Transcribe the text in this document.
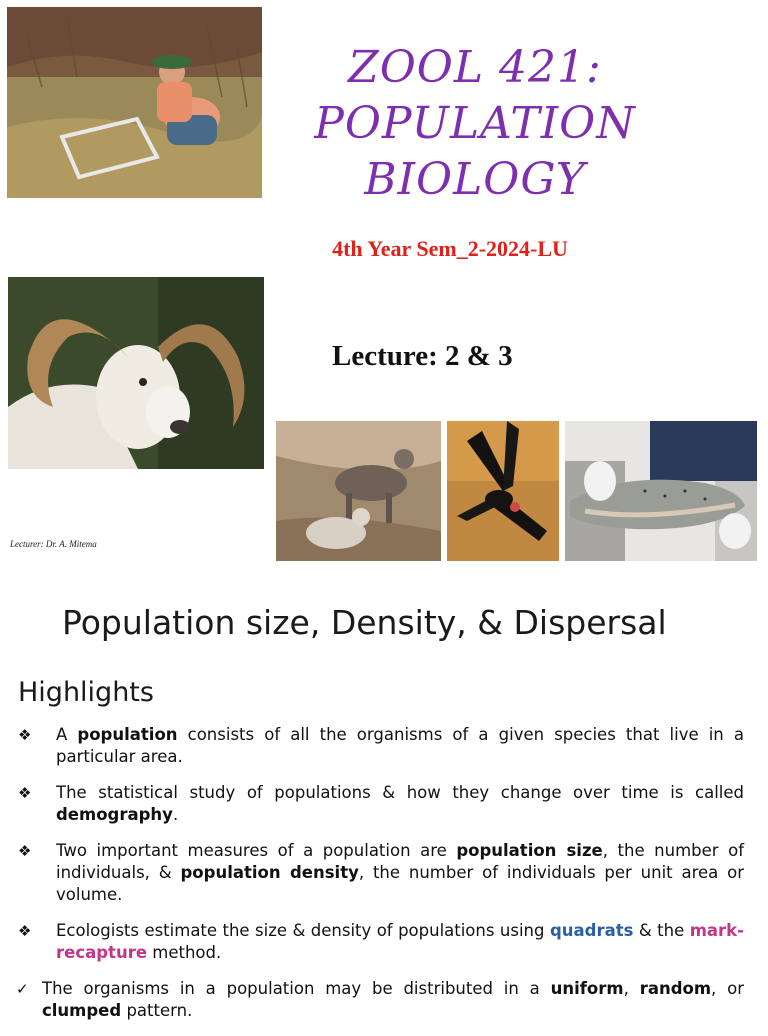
ZOOL 421:
POPULATION
BIOLOGY
4th Year Sem_2-2024-LU
Lecture: 2 & 3
Lecturer: Dr. A. Mitema
Population size, Density, & Dispersal
Highlights
❖ A population consists of all the organisms of a given species that live in a particular area.
❖ The statistical study of populations & how they change over time is called demography.
❖ Two important measures of a population are population size, the number of individuals, & population density, the number of individuals per unit area or volume.
❖ Ecologists estimate the size & density of populations using quadrats & the mark-recapture method.
✓ The organisms in a population may be distributed in a uniform, random, or clumped pattern.
